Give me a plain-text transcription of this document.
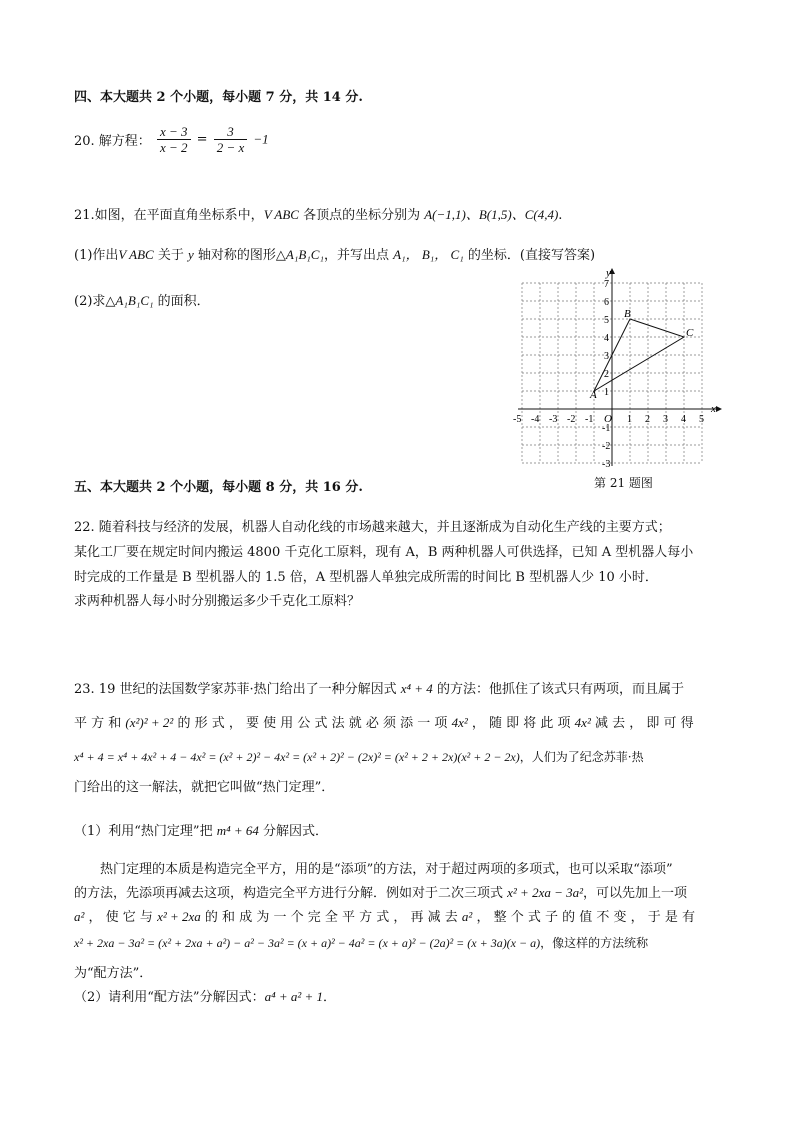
四、本大题共 2 个小题，每小题 7 分，共 14 分.
20. 解方程： $\frac{x - 3}{x - 2} = \frac{3}{2 - x} -1$
21.如图，在平面直角坐标系中，V ABC 各顶点的坐标分别为 A(−1,1)、B(1,5)、C(4,4).
(1)作出V ABC 关于 y 轴对称的图形△A₁B₁C₁，并写出点 A₁， B₁， C₁ 的坐标．(直接写答案)
(2)求△A₁B₁C₁ 的面积．
x
y
O
-5 -4 -3 -2 -1	1 2 3 4 5
7
6
5
4
3
2
1
-1
-2
-3
A
B
C
第 21 题图
五、本大题共 2 个小题，每小题 8 分，共 16 分.
22. 随着科技与经济的发展，机器人自动化线的市场越来越大，并且逐渐成为自动化生产线的主要方式；
某化工厂要在规定时间内搬运 4800 千克化工原料，现有 A，B 两种机器人可供选择，已知 A 型机器人每小
时完成的工作量是 B 型机器人的 1.5 倍，A 型机器人单独完成所需的时间比 B 型机器人少 10 小时．
求两种机器人每小时分别搬运多少千克化工原料？
23. 19 世纪的法国数学家苏菲·热门给出了一种分解因式 x⁴ + 4 的方法：他抓住了该式只有两项，而且属于
平 方 和 (x²)² + 2² 的 形 式 ， 要 使 用 公 式 法 就 必 须 添 一 项 4x² ， 随 即 将 此 项 4x² 减 去 ， 即 可 得
x⁴ + 4 = x⁴ + 4x² + 4 − 4x² = (x² + 2)² − 4x² = (x² + 2)² − (2x)² = (x² + 2 + 2x)(x² + 2 − 2x)，人们为了纪念苏菲·热
门给出的这一解法，就把它叫做“热门定理”．
（1）利用“热门定理”把 m⁴ + 64 分解因式．
热门定理的本质是构造完全平方，用的是“添项”的方法，对于超过两项的多项式，也可以采取“添项”
的方法，先添项再减去这项，构造完全平方进行分解．例如对于二次三项式 x² + 2xa − 3a²，可以先加上一项
a² ， 使 它 与 x² + 2xa 的 和 成 为 一 个 完 全 平 方 式 ， 再 减 去 a² ， 整 个 式 子 的 值 不 变 ， 于 是 有
x² + 2xa − 3a² = (x² + 2xa + a²) − a² − 3a² = (x + a)² − 4a² = (x + a)² − (2a)² = (x + 3a)(x − a)，像这样的方法统称
为“配方法”．
（2）请利用“配方法”分解因式：a⁴ + a² + 1．
